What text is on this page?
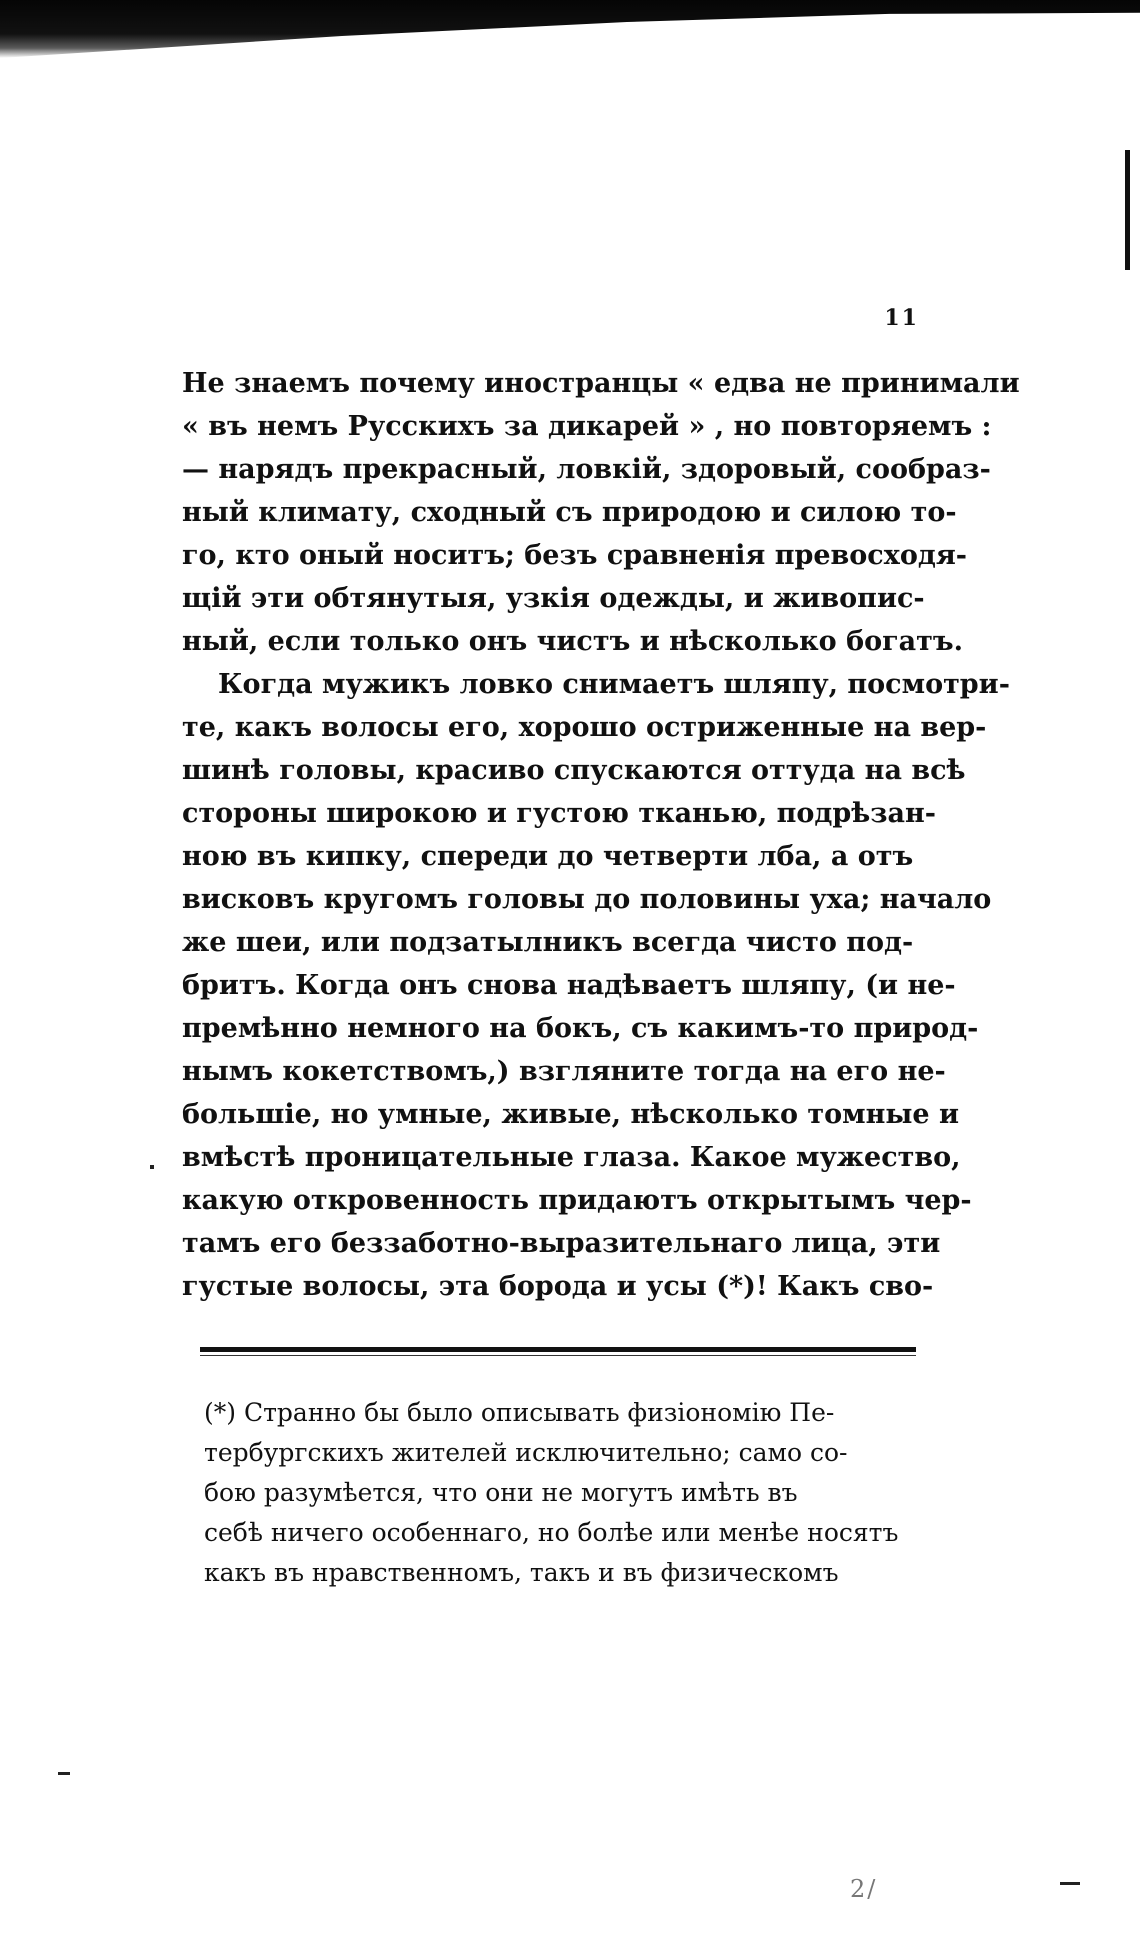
11
Не знаемъ почему иностранцы « едва не принимали
« въ немъ Русскихъ за дикарей » , но повторяемъ :
— нарядъ прекрасный, ловкій, здоровый, сообраз-
ный климату, сходный съ природою и силою то-
го, кто оный носитъ; безъ сравненія превосходя-
щій эти обтянутыя, узкія одежды, и живопис-
ный, если только онъ чистъ и нѣсколько богатъ.
Когда мужикъ ловко снимаетъ шляпу, посмотри-
те, какъ волосы его, хорошо остриженные на вер-
шинѣ головы, красиво спускаются оттуда на всѣ
стороны широкою и густою тканью, подрѣзан-
ною въ кипку, спереди до четверти лба, а отъ
висковъ кругомъ головы до половины уха; начало
же шеи, или подзатылникъ всегда чисто под-
бритъ. Когда онъ снова надѣваетъ шляпу, (и не-
премѣнно немного на бокъ, съ какимъ-то природ-
нымъ кокетствомъ,) взгляните тогда на его не-
большіе, но умные, живые, нѣсколько томные и
вмѣстѣ проницательные глаза. Какое мужество,
какую откровенность придаютъ открытымъ чер-
тамъ его беззаботно-выразительнаго лица, эти
густые волосы, эта борода и усы (*)! Какъ сво-
(*) Странно бы было описывать физіономію Пе-
тербургскихъ жителей исключительно; само со-
бою разумѣется, что они не могутъ имѣть въ
себѣ ничего особеннаго, но болѣе или менѣе носятъ
какъ въ нравственномъ, такъ и въ физическомъ
2/
